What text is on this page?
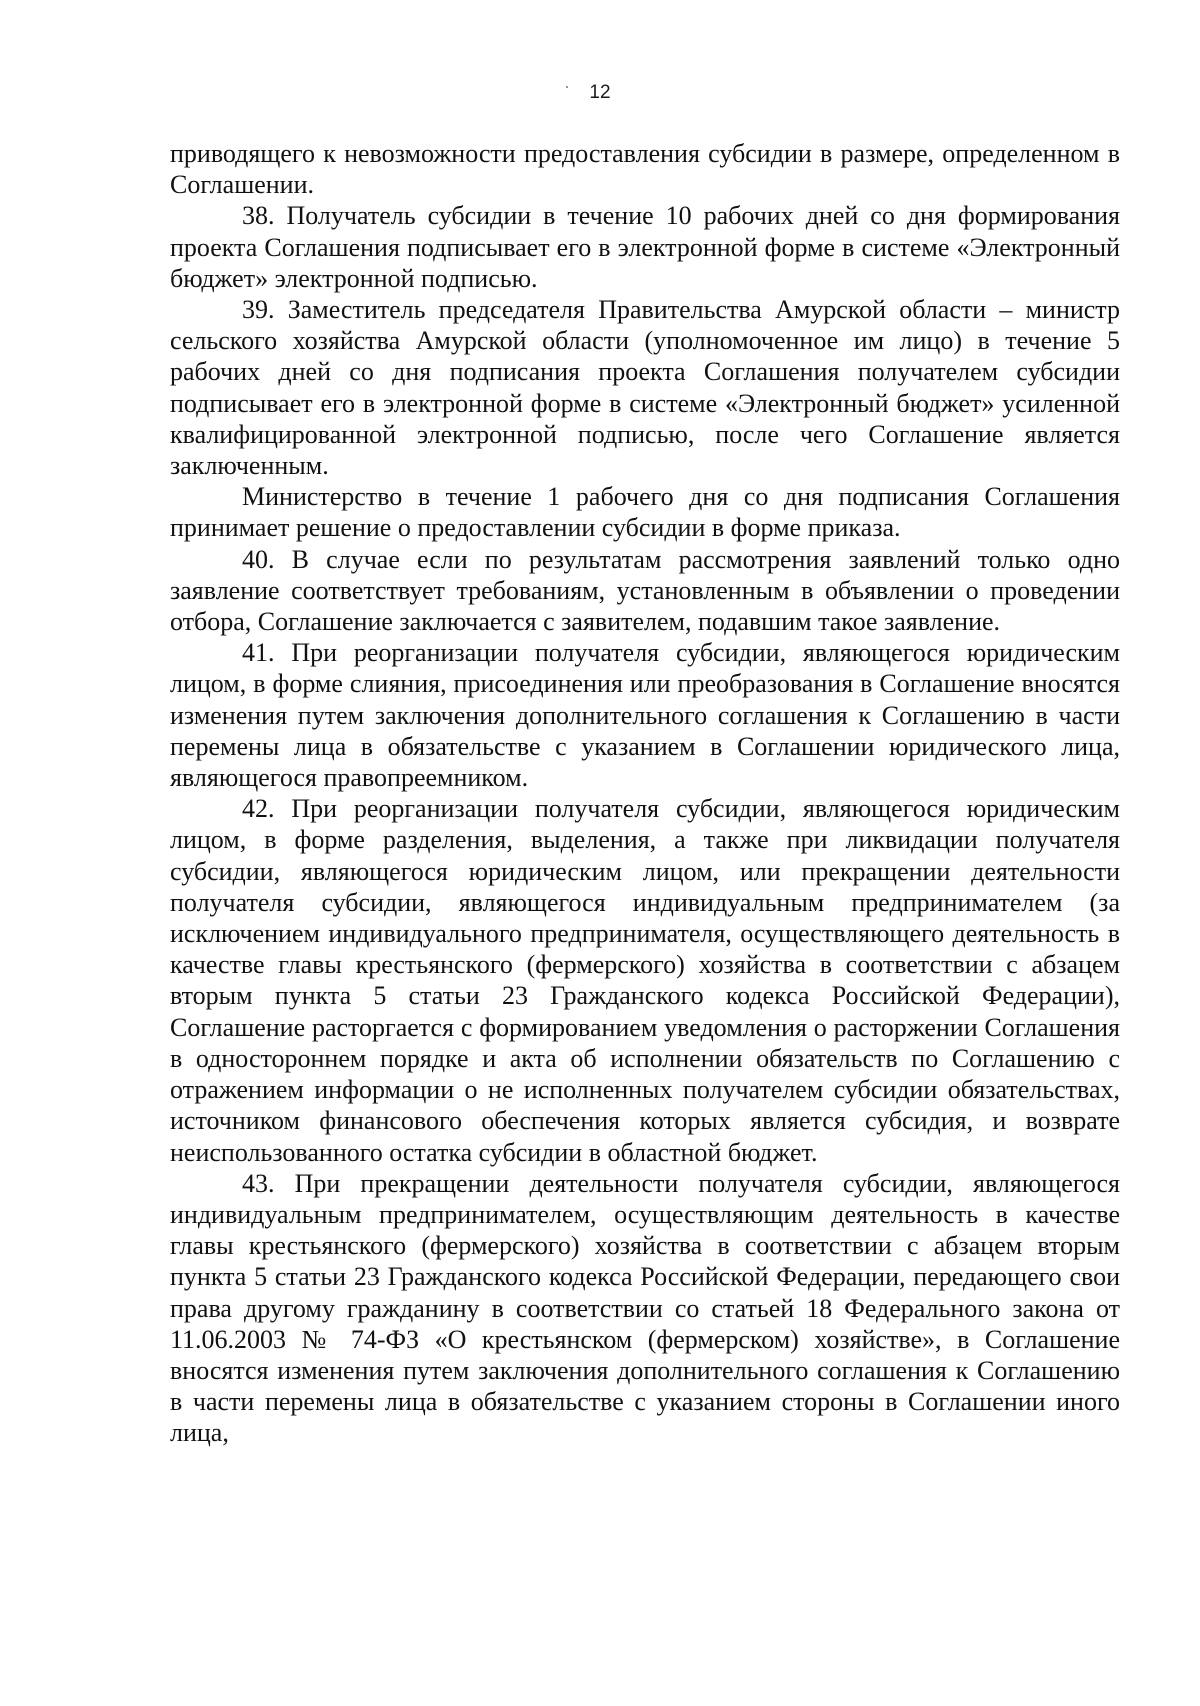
12

приводящего к невозможности предоставления субсидии в размере, определенном в Соглашении.

38. Получатель субсидии в течение 10 рабочих дней со дня формирования проекта Соглашения подписывает его в электронной форме в системе «Электронный бюджет» электронной подписью.

39. Заместитель председателя Правительства Амурской области – министр сельского хозяйства Амурской области (уполномоченное им лицо) в течение 5 рабочих дней со дня подписания проекта Соглашения получателем субсидии подписывает его в электронной форме в системе «Электронный бюджет» усиленной квалифицированной электронной подписью, после чего Соглашение является заключенным.

Министерство в течение 1 рабочего дня со дня подписания Соглашения принимает решение о предоставлении субсидии в форме приказа.

40. В случае если по результатам рассмотрения заявлений только одно заявление соответствует требованиям, установленным в объявлении о проведении отбора, Соглашение заключается с заявителем, подавшим такое заявление.

41. При реорганизации получателя субсидии, являющегося юридическим лицом, в форме слияния, присоединения или преобразования в Соглашение вносятся изменения путем заключения дополнительного соглашения к Соглашению в части перемены лица в обязательстве с указанием в Соглашении юридического лица, являющегося правопреемником.

42. При реорганизации получателя субсидии, являющегося юридическим лицом, в форме разделения, выделения, а также при ликвидации получателя субсидии, являющегося юридическим лицом, или прекращении деятельности получателя субсидии, являющегося индивидуальным предпринимателем (за исключением индивидуального предпринимателя, осуществляющего деятельность в качестве главы крестьянского (фермерского) хозяйства в соответствии с абзацем вторым пункта 5 статьи 23 Гражданского кодекса Российской Федерации), Соглашение расторгается с формированием уведомления о расторжении Соглашения в одностороннем порядке и акта об исполнении обязательств по Соглашению с отражением информации о не исполненных получателем субсидии обязательствах, источником финансового обеспечения которых является субсидия, и возврате неиспользованного остатка субсидии в областной бюджет.

43. При прекращении деятельности получателя субсидии, являющегося индивидуальным предпринимателем, осуществляющим деятельность в качестве главы крестьянского (фермерского) хозяйства в соответствии с абзацем вторым пункта 5 статьи 23 Гражданского кодекса Российской Федерации, передающего свои права другому гражданину в соответствии со статьей 18 Федерального закона от 11.06.2003 № 74-ФЗ «О крестьянском (фермерском) хозяйстве», в Соглашение вносятся изменения путем заключения дополнительного соглашения к Соглашению в части перемены лица в обязательстве с указанием стороны в Соглашении иного лица,
